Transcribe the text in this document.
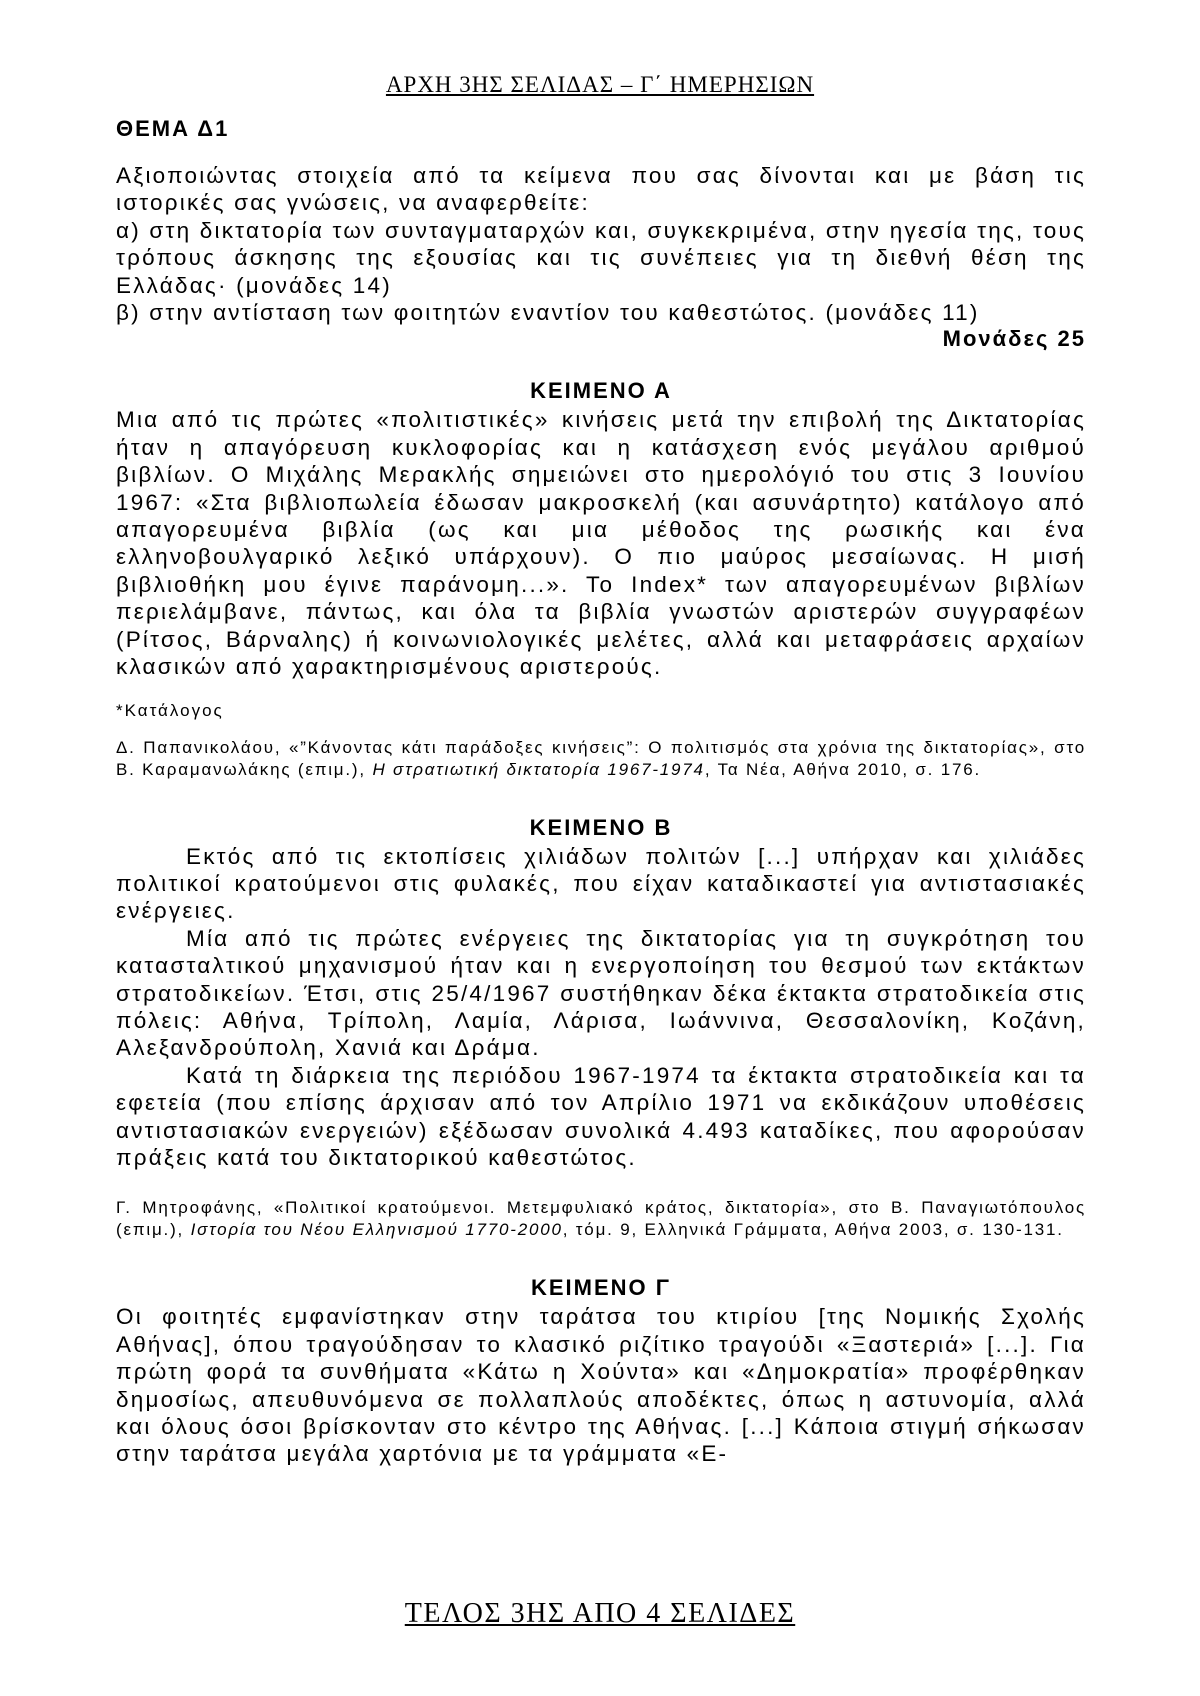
ΑΡΧΗ 3ΗΣ ΣΕΛΙΔΑΣ – Γ΄ ΗΜΕΡΗΣΙΩΝ
ΘΕΜΑ Δ1

Αξιοποιώντας στοιχεία από τα κείμενα που σας δίνονται και με βάση τις ιστορικές σας γνώσεις, να αναφερθείτε:

α) στη δικτατορία των συνταγματαρχών και, συγκεκριμένα, στην ηγεσία της, τους τρόπους άσκησης της εξουσίας και τις συνέπειες για τη διεθνή θέση της Ελλάδας· (μονάδες 14)

β) στην αντίσταση των φοιτητών εναντίον του καθεστώτος. (μονάδες 11)

Μονάδες 25
ΚΕΙΜΕΝΟ Α
Μια από τις πρώτες «πολιτιστικές» κινήσεις μετά την επιβολή της Δικτατορίας ήταν η απαγόρευση κυκλοφορίας και η κατάσχεση ενός μεγάλου αριθμού βιβλίων. Ο Μιχάλης Μερακλής σημειώνει στο ημερολόγιό του στις 3 Ιουνίου 1967: «Στα βιβλιοπωλεία έδωσαν μακροσκελή (και ασυνάρτητο) κατάλογο από απαγορευμένα βιβλία (ως και μια μέθοδος της ρωσικής και ένα ελληνοβουλγαρικό λεξικό υπάρχουν). Ο πιο μαύρος μεσαίωνας. Η μισή βιβλιοθήκη μου έγινε παράνομη...». Το Index* των απαγορευμένων βιβλίων περιελάμβανε, πάντως, και όλα τα βιβλία γνωστών αριστερών συγγραφέων (Ρίτσος, Βάρναλης) ή κοινωνιολογικές μελέτες, αλλά και μεταφράσεις αρχαίων κλασικών από χαρακτηρισμένους αριστερούς.
*Κατάλογος
Δ. Παπανικολάου, «”Κάνοντας κάτι παράδοξες κινήσεις”: Ο πολιτισμός στα χρόνια της δικτατορίας», στο Β. Καραμανωλάκης (επιμ.), Η στρατιωτική δικτατορία 1967-1974, Τα Νέα, Αθήνα 2010, σ. 176.
ΚΕΙΜΕΝΟ Β

Εκτός από τις εκτοπίσεις χιλιάδων πολιτών [...] υπήρχαν και χιλιάδες πολιτικοί κρατούμενοι στις φυλακές, που είχαν καταδικαστεί για αντιστασιακές ενέργειες.

Μία από τις πρώτες ενέργειες της δικτατορίας για τη συγκρότηση του κατασταλτικού μηχανισμού ήταν και η ενεργοποίηση του θεσμού των εκτάκτων στρατοδικείων. Έτσι, στις 25/4/1967 συστήθηκαν δέκα έκτακτα στρατοδικεία στις πόλεις: Αθήνα, Τρίπολη, Λαμία, Λάρισα, Ιωάννινα, Θεσσαλονίκη, Κοζάνη, Αλεξανδρούπολη, Χανιά και Δράμα.

Κατά τη διάρκεια της περιόδου 1967-1974 τα έκτακτα στρατοδικεία και τα εφετεία (που επίσης άρχισαν από τον Απρίλιο 1971 να εκδικάζουν υποθέσεις αντιστασιακών ενεργειών) εξέδωσαν συνολικά 4.493 καταδίκες, που αφορούσαν πράξεις κατά του δικτατορικού καθεστώτος.

Γ. Μητροφάνης, «Πολιτικοί κρατούμενοι. Μετεμφυλιακό κράτος, δικτατορία», στο Β. Παναγιωτόπουλος (επιμ.), Ιστορία του Νέου Ελληνισμού 1770-2000, τόμ. 9, Ελληνικά Γράμματα, Αθήνα 2003, σ. 130-131.
ΚΕΙΜΕΝΟ Γ
Οι φοιτητές εμφανίστηκαν στην ταράτσα του κτιρίου [της Νομικής Σχολής Αθήνας], όπου τραγούδησαν το κλασικό ριζίτικο τραγούδι «Ξαστεριά» [...]. Για πρώτη φορά τα συνθήματα «Κάτω η Χούντα» και «Δημοκρατία» προφέρθηκαν δημοσίως, απευθυνόμενα σε πολλαπλούς αποδέκτες, όπως η αστυνομία, αλλά και όλους όσοι βρίσκονταν στο κέντρο της Αθήνας. [...] Κάποια στιγμή σήκωσαν στην ταράτσα μεγάλα χαρτόνια με τα γράμματα «Ε-
ΤΕΛΟΣ 3ΗΣ ΑΠΟ 4 ΣΕΛΙΔΕΣ
